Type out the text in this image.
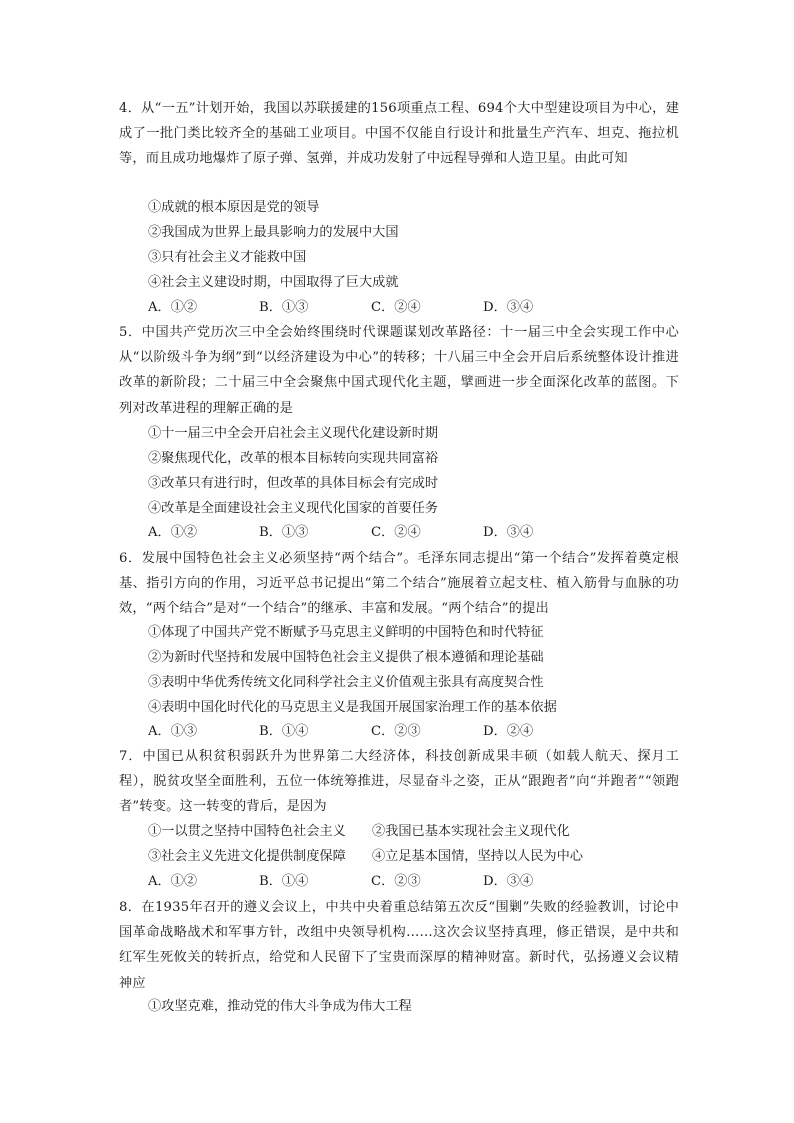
4．从“一五”计划开始，我国以苏联援建的156项重点工程、694个大中型建设项目为中心，建成了一批门类比较齐全的基础工业项目。中国不仅能自行设计和批量生产汽车、坦克、拖拉机等，而且成功地爆炸了原子弹、氢弹，并成功发射了中远程导弹和人造卫星。由此可知

①成就的根本原因是党的领导
②我国成为世界上最具影响力的发展中大国
③只有社会主义才能救中国
④社会主义建设时期，中国取得了巨大成就
A．①②	B．①③	C．②④	D．③④

5．中国共产党历次三中全会始终围绕时代课题谋划改革路径：十一届三中全会实现工作中心从“以阶级斗争为纲”到“以经济建设为中心”的转移；十八届三中全会开启后系统整体设计推进改革的新阶段；二十届三中全会聚焦中国式现代化主题，擘画进一步全面深化改革的蓝图。下列对改革进程的理解正确的是

①十一届三中全会开启社会主义现代化建设新时期
②聚焦现代化，改革的根本目标转向实现共同富裕
③改革只有进行时，但改革的具体目标会有完成时
④改革是全面建设社会主义现代化国家的首要任务
A．①②	B．①③	C．②④	D．③④

6．发展中国特色社会主义必须坚持“两个结合”。毛泽东同志提出“第一个结合”发挥着奠定根基、指引方向的作用，习近平总书记提出“第二个结合”施展着立起支柱、植入筋骨与血脉的功效，“两个结合”是对“一个结合”的继承、丰富和发展。“两个结合”的提出

①体现了中国共产党不断赋予马克思主义鲜明的中国特色和时代特征
②为新时代坚持和发展中国特色社会主义提供了根本遵循和理论基础
③表明中华优秀传统文化同科学社会主义价值观主张具有高度契合性
④表明中国化时代化的马克思主义是我国开展国家治理工作的基本依据
A．①③	B．①④	C．②③	D．②④

7．中国已从积贫积弱跃升为世界第二大经济体，科技创新成果丰硕（如载人航天、探月工程），脱贫攻坚全面胜利，五位一体统筹推进，尽显奋斗之姿，正从“跟跑者”向“并跑者”“领跑者”转变。这一转变的背后，是因为

①一以贯之坚持中国特色社会主义 ②我国已基本实现社会主义现代化
③社会主义先进文化提供制度保障 ④立足基本国情，坚持以人民为中心
A．①②	B．①④	C．②③	D．③④

8．在1935年召开的遵义会议上，中共中央着重总结第五次反“围剿”失败的经验教训，讨论中国革命战略战术和军事方针，改组中央领导机构……这次会议坚持真理，修正错误，是中共和红军生死攸关的转折点，给党和人民留下了宝贵而深厚的精神财富。新时代，弘扬遵义会议精神应

①攻坚克难，推动党的伟大斗争成为伟大工程
